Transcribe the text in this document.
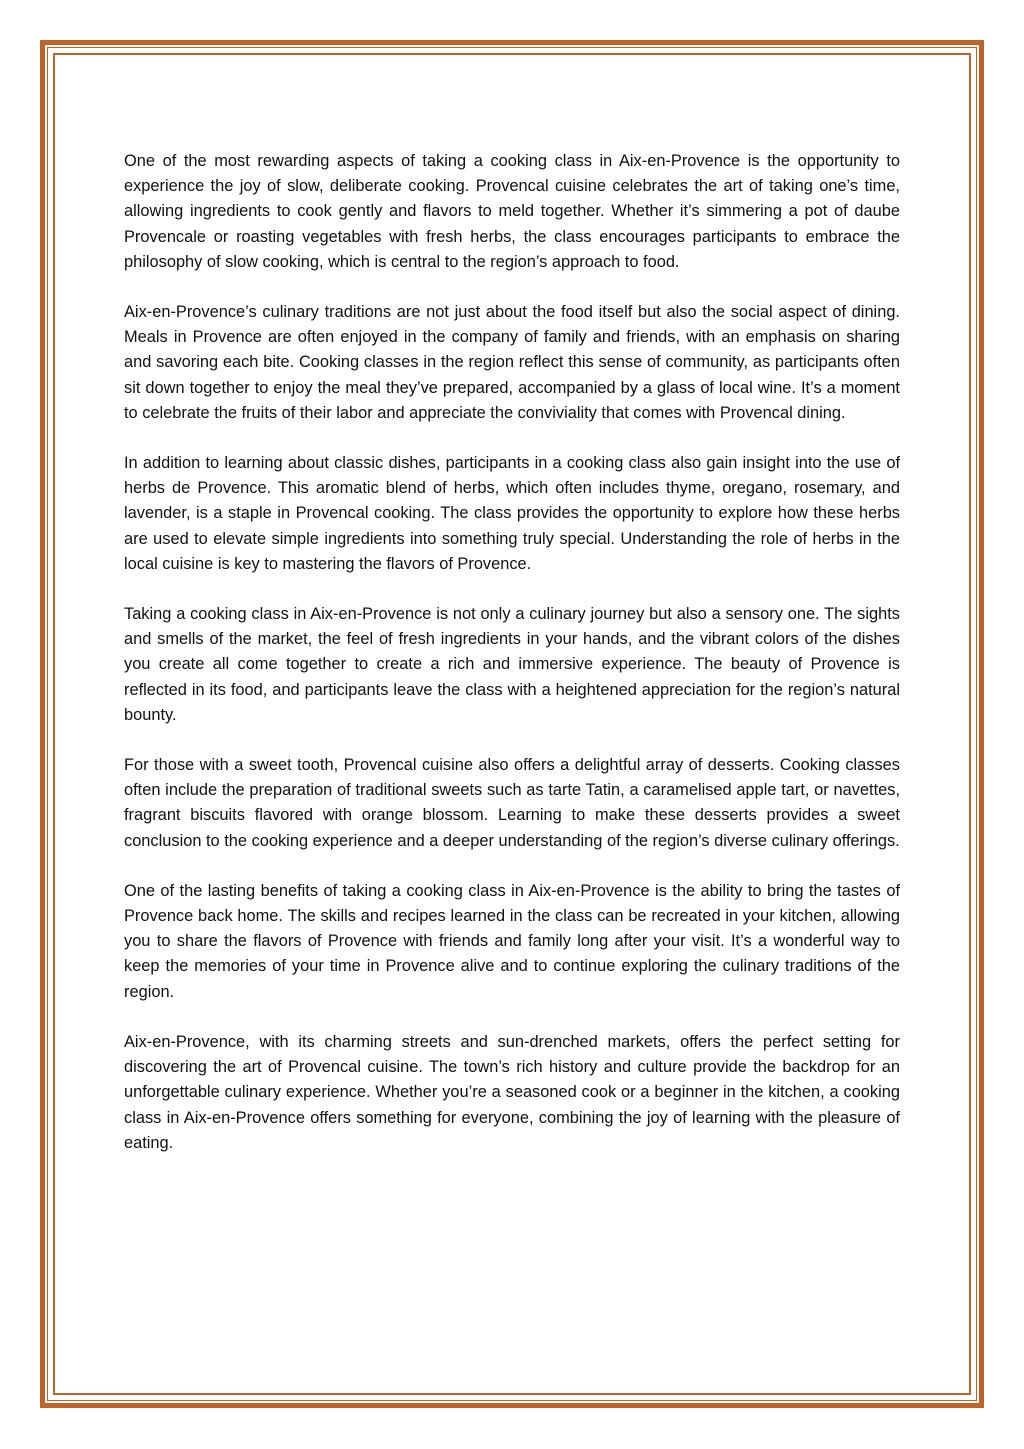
One of the most rewarding aspects of taking a cooking class in Aix-en-Provence is the opportunity to experience the joy of slow, deliberate cooking. Provencal cuisine celebrates the art of taking one’s time, allowing ingredients to cook gently and flavors to meld together. Whether it’s simmering a pot of daube Provencale or roasting vegetables with fresh herbs, the class encourages participants to embrace the philosophy of slow cooking, which is central to the region’s approach to food.

Aix-en-Provence’s culinary traditions are not just about the food itself but also the social aspect of dining. Meals in Provence are often enjoyed in the company of family and friends, with an emphasis on sharing and savoring each bite. Cooking classes in the region reflect this sense of community, as participants often sit down together to enjoy the meal they’ve prepared, accompanied by a glass of local wine. It’s a moment to celebrate the fruits of their labor and appreciate the conviviality that comes with Provencal dining.

In addition to learning about classic dishes, participants in a cooking class also gain insight into the use of herbs de Provence. This aromatic blend of herbs, which often includes thyme, oregano, rosemary, and lavender, is a staple in Provencal cooking. The class provides the opportunity to explore how these herbs are used to elevate simple ingredients into something truly special. Understanding the role of herbs in the local cuisine is key to mastering the flavors of Provence.

Taking a cooking class in Aix-en-Provence is not only a culinary journey but also a sensory one. The sights and smells of the market, the feel of fresh ingredients in your hands, and the vibrant colors of the dishes you create all come together to create a rich and immersive experience. The beauty of Provence is reflected in its food, and participants leave the class with a heightened appreciation for the region’s natural bounty.

For those with a sweet tooth, Provencal cuisine also offers a delightful array of desserts. Cooking classes often include the preparation of traditional sweets such as tarte Tatin, a caramelised apple tart, or navettes, fragrant biscuits flavored with orange blossom. Learning to make these desserts provides a sweet conclusion to the cooking experience and a deeper understanding of the region’s diverse culinary offerings.

One of the lasting benefits of taking a cooking class in Aix-en-Provence is the ability to bring the tastes of Provence back home. The skills and recipes learned in the class can be recreated in your kitchen, allowing you to share the flavors of Provence with friends and family long after your visit. It’s a wonderful way to keep the memories of your time in Provence alive and to continue exploring the culinary traditions of the region.

Aix-en-Provence, with its charming streets and sun-drenched markets, offers the perfect setting for discovering the art of Provencal cuisine. The town’s rich history and culture provide the backdrop for an unforgettable culinary experience. Whether you’re a seasoned cook or a beginner in the kitchen, a cooking class in Aix-en-Provence offers something for everyone, combining the joy of learning with the pleasure of eating.
